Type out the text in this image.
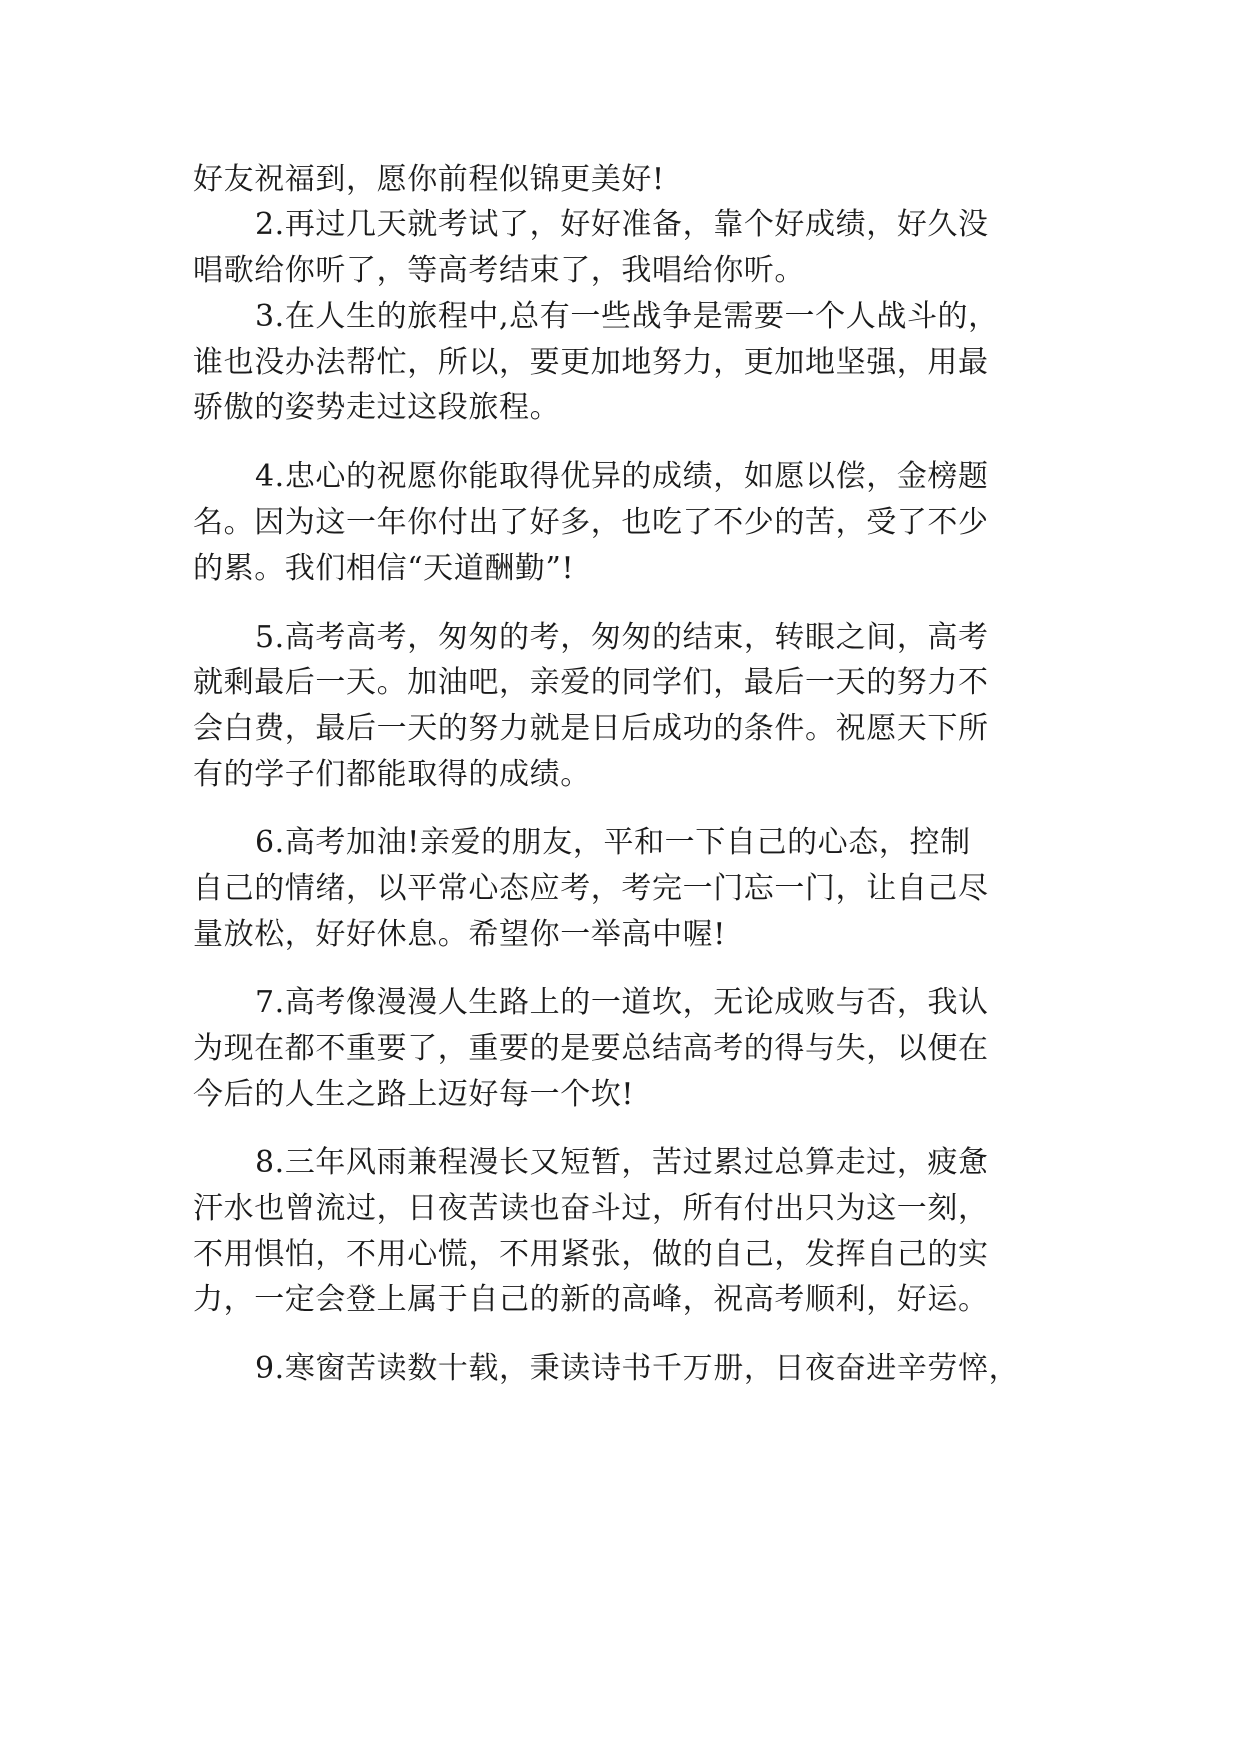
好友祝福到，愿你前程似锦更美好!
2.再过几天就考试了，好好准备，靠个好成绩，好久没
唱歌给你听了，等高考结束了，我唱给你听。
3.在人生的旅程中,总有一些战争是需要一个人战斗的，
谁也没办法帮忙，所以，要更加地努力，更加地坚强，用最
骄傲的姿势走过这段旅程。
4.忠心的祝愿你能取得优异的成绩，如愿以偿，金榜题
名。因为这一年你付出了好多，也吃了不少的苦，受了不少
的累。我们相信“天道酬勤”!
5.高考高考，匆匆的考，匆匆的结束，转眼之间，高考
就剩最后一天。加油吧，亲爱的同学们，最后一天的努力不
会白费，最后一天的努力就是日后成功的条件。祝愿天下所
有的学子们都能取得的成绩。
6.高考加油!亲爱的朋友，平和一下自己的心态，控制
自己的情绪，以平常心态应考，考完一门忘一门，让自己尽
量放松，好好休息。希望你一举高中喔!
7.高考像漫漫人生路上的一道坎，无论成败与否，我认
为现在都不重要了，重要的是要总结高考的得与失，以便在
今后的人生之路上迈好每一个坎!
8.三年风雨兼程漫长又短暂，苦过累过总算走过，疲惫
汗水也曾流过，日夜苦读也奋斗过，所有付出只为这一刻，
不用惧怕，不用心慌，不用紧张，做的自己，发挥自己的实
力，一定会登上属于自己的新的高峰，祝高考顺利，好运。
9.寒窗苦读数十载，秉读诗书千万册，日夜奋进辛劳悴，
